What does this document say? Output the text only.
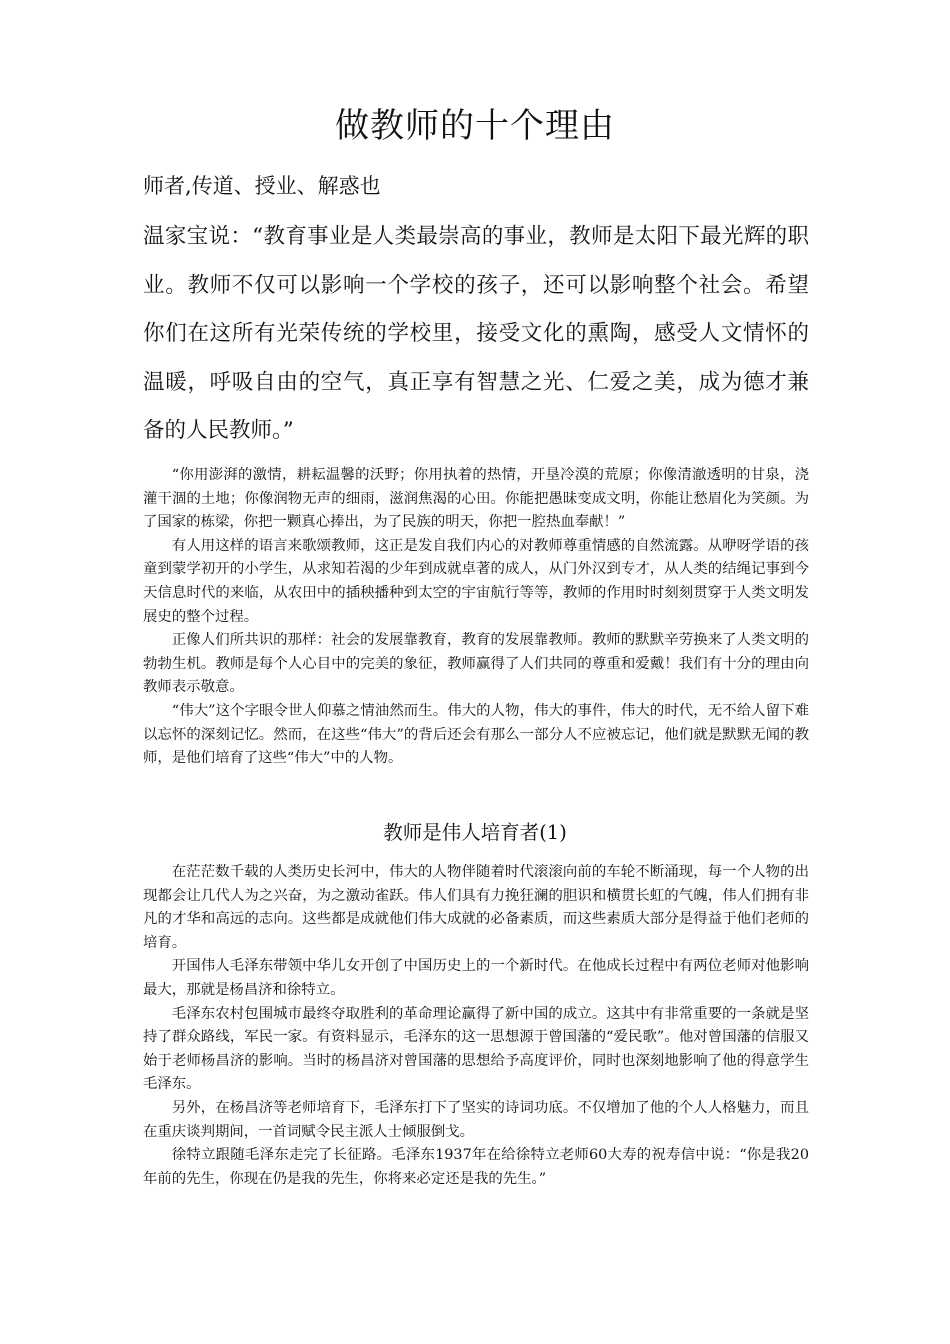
做教师的十个理由
师者,传道、授业、解惑也

温家宝说：“教育事业是人类最崇高的事业，教师是太阳下最光辉的职业。教师不仅可以影响一个学校的孩子，还可以影响整个社会。希望你们在这所有光荣传统的学校里，接受文化的熏陶，感受人文情怀的温暖，呼吸自由的空气，真正享有智慧之光、仁爱之美，成为德才兼备的人民教师。”

“你用澎湃的激情，耕耘温馨的沃野；你用执着的热情，开垦冷漠的荒原；你像清澈透明的甘泉，浇灌干涸的土地；你像润物无声的细雨，滋润焦渴的心田。你能把愚昧变成文明，你能让愁眉化为笑颜。为了国家的栋梁，你把一颗真心捧出，为了民族的明天，你把一腔热血奉献！”

有人用这样的语言来歌颂教师，这正是发自我们内心的对教师尊重情感的自然流露。从咿呀学语的孩童到蒙学初开的小学生，从求知若渴的少年到成就卓著的成人，从门外汉到专才，从人类的结绳记事到今天信息时代的来临，从农田中的插秧播种到太空的宇宙航行等等，教师的作用时时刻刻贯穿于人类文明发展史的整个过程。

正像人们所共识的那样：社会的发展靠教育，教育的发展靠教师。教师的默默辛劳换来了人类文明的勃勃生机。教师是每个人心目中的完美的象征，教师赢得了人们共同的尊重和爱戴！我们有十分的理由向教师表示敬意。

“伟大”这个字眼令世人仰慕之情油然而生。伟大的人物，伟大的事件，伟大的时代，无不给人留下难以忘怀的深刻记忆。然而，在这些“伟大”的背后还会有那么一部分人不应被忘记，他们就是默默无闻的教师，是他们培育了这些“伟大”中的人物。

教师是伟人培育者(1)

在茫茫数千载的人类历史长河中，伟大的人物伴随着时代滚滚向前的车轮不断涌现，每一个人物的出现都会让几代人为之兴奋，为之激动雀跃。伟人们具有力挽狂澜的胆识和横贯长虹的气魄，伟人们拥有非凡的才华和高远的志向。这些都是成就他们伟大成就的必备素质，而这些素质大部分是得益于他们老师的培育。

开国伟人毛泽东带领中华儿女开创了中国历史上的一个新时代。在他成长过程中有两位老师对他影响最大，那就是杨昌济和徐特立。

毛泽东农村包围城市最终夺取胜利的革命理论赢得了新中国的成立。这其中有非常重要的一条就是坚持了群众路线，军民一家。有资料显示，毛泽东的这一思想源于曾国藩的“爱民歌”。他对曾国藩的信服又始于老师杨昌济的影响。当时的杨昌济对曾国藩的思想给予高度评价，同时也深刻地影响了他的得意学生毛泽东。

另外，在杨昌济等老师培育下，毛泽东打下了坚实的诗词功底。不仅增加了他的个人人格魅力，而且在重庆谈判期间，一首词赋令民主派人士倾服倒戈。

徐特立跟随毛泽东走完了长征路。毛泽东1937年在给徐特立老师60大寿的祝寿信中说：“你是我20年前的先生，你现在仍是我的先生，你将来必定还是我的先生。”
